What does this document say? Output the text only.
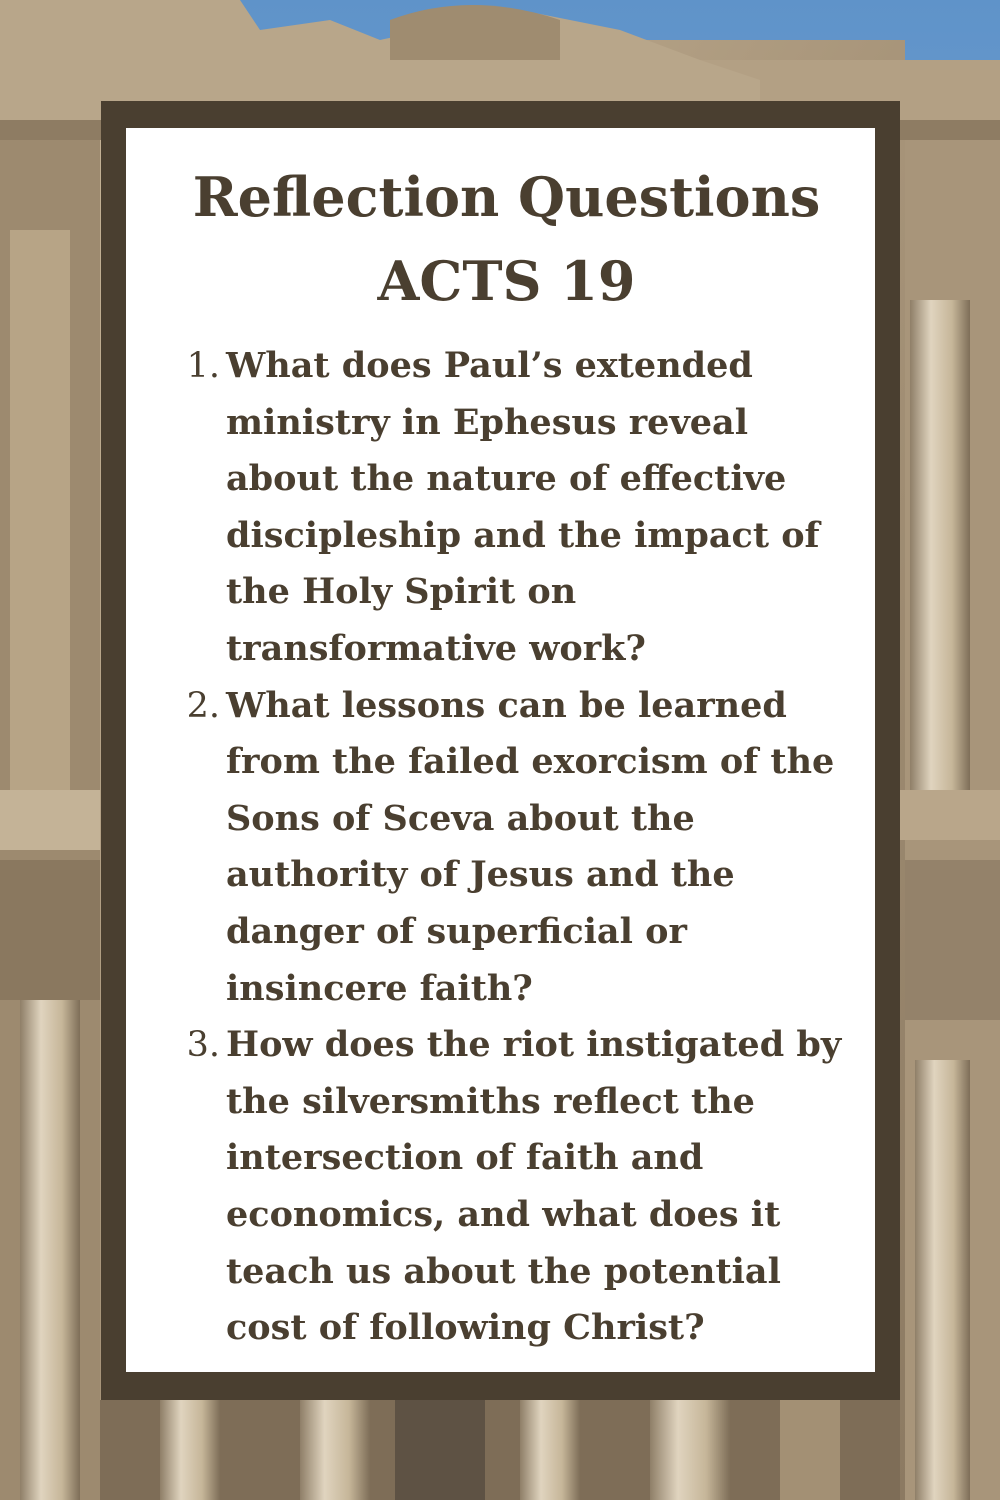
Reflection Questions
ACTS 19
1. What does Paul’s extended ministry in Ephesus reveal about the nature of effective discipleship and the impact of the Holy Spirit on transformative work?
2. What lessons can be learned from the failed exorcism of the Sons of Sceva about the authority of Jesus and the danger of superficial or insincere faith?
3. How does the riot instigated by the silversmiths reflect the intersection of faith and economics, and what does it teach us about the potential cost of following Christ?
